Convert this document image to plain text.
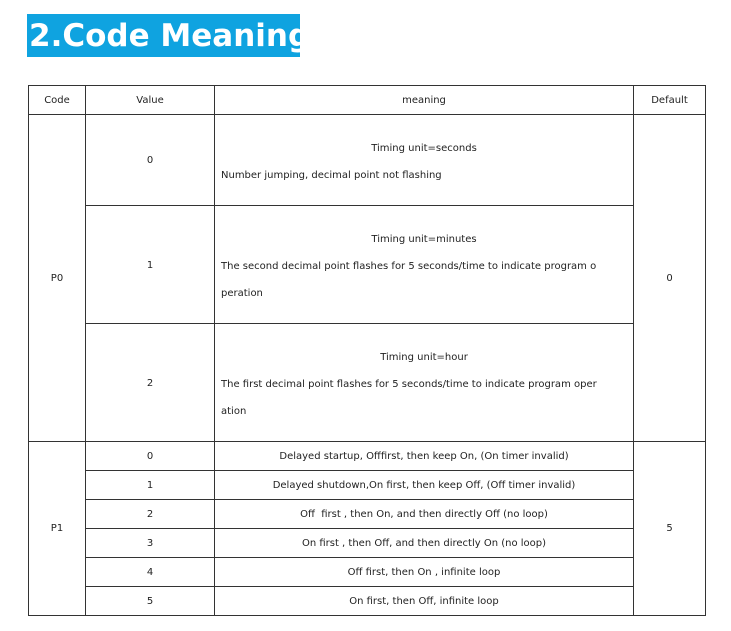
2.Code Meaning
Code	Value	meaning	Default
P0	0	Timing unit=seconds
Number jumping, decimal point not flashing	0
	1	Timing unit=minutes
The second decimal point flashes for 5 seconds/time to indicate program o
peration	

	2	Timing unit=hour
The first decimal point flashes for 5 seconds/time to indicate program oper
ation	

P1	0	Delayed startup, Offfirst, then keep On, (On timer invalid)	5
	1	Delayed shutdown,On first, then keep Off, (Off timer invalid)	
	2	Off  first , then On, and then directly Off (no loop)	
	3	On first , then Off, and then directly On (no loop)	
	4	Off first, then On , infinite loop	
	5	On first, then Off, infinite loop	
